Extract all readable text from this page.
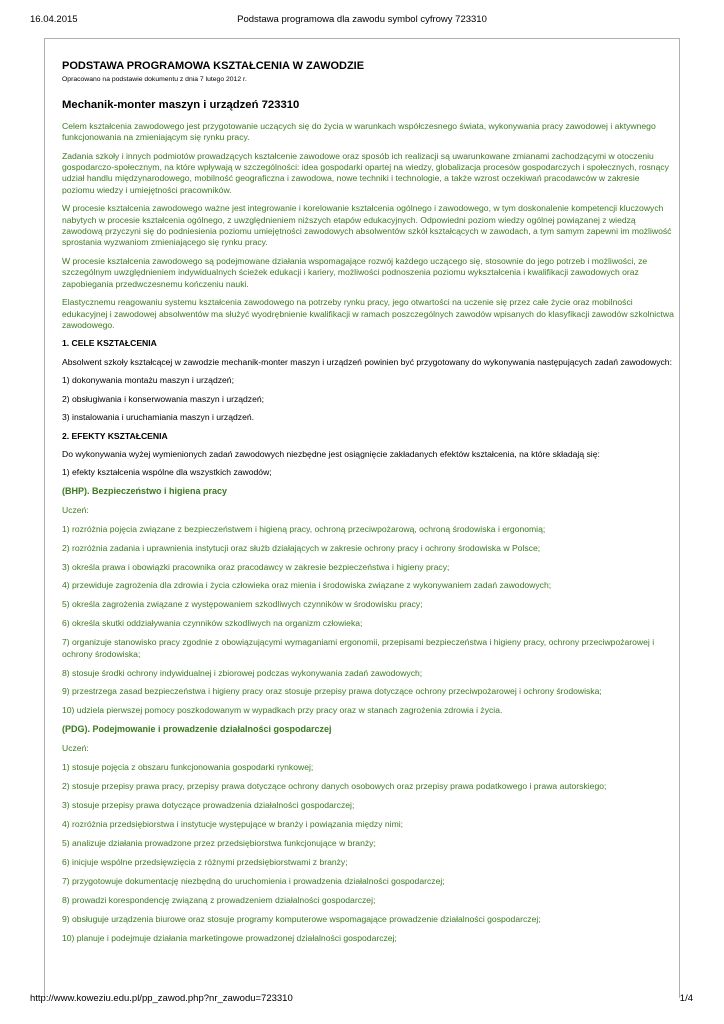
16.04.2015	Podstawa programowa dla zawodu symbol cyfrowy 723310

PODSTAWA PROGRAMOWA KSZTAŁCENIA W ZAWODZIE

Opracowano na podstawie dokumentu z dnia 7 lutego 2012 r.

Mechanik-monter maszyn i urządzeń 723310

Celem kształcenia zawodowego jest przygotowanie uczących się do życia w warunkach współczesnego świata, wykonywania pracy zawodowej i aktywnego funkcjonowania na zmieniającym się rynku pracy.

Zadania szkoły i innych podmiotów prowadzących kształcenie zawodowe oraz sposób ich realizacji są uwarunkowane zmianami zachodzącymi w otoczeniu gospodarczo-społecznym, na które wpływają w szczególności: idea gospodarki opartej na wiedzy, globalizacja procesów gospodarczych i społecznych, rosnący udział handlu międzynarodowego, mobilność geograficzna i zawodowa, nowe techniki i technologie, a także wzrost oczekiwań pracodawców w zakresie poziomu wiedzy i umiejętności pracowników.

W procesie kształcenia zawodowego ważne jest integrowanie i korelowanie kształcenia ogólnego i zawodowego, w tym doskonalenie kompetencji kluczowych nabytych w procesie kształcenia ogólnego, z uwzględnieniem niższych etapów edukacyjnych. Odpowiedni poziom wiedzy ogólnej powiązanej z wiedzą zawodową przyczyni się do podniesienia poziomu umiejętności zawodowych absolwentów szkół kształcących w zawodach, a tym samym zapewni im możliwość sprostania wyzwaniom zmieniającego się rynku pracy.

W procesie kształcenia zawodowego są podejmowane działania wspomagające rozwój każdego uczącego się, stosownie do jego potrzeb i możliwości, ze szczególnym uwzględnieniem indywidualnych ścieżek edukacji i kariery, możliwości podnoszenia poziomu wykształcenia i kwalifikacji zawodowych oraz zapobiegania przedwczesnemu kończeniu nauki.

Elastycznemu reagowaniu systemu kształcenia zawodowego na potrzeby rynku pracy, jego otwartości na uczenie się przez całe życie oraz mobilności edukacyjnej i zawodowej absolwentów ma służyć wyodrębnienie kwalifikacji w ramach poszczególnych zawodów wpisanych do klasyfikacji zawodów szkolnictwa zawodowego.

1. CELE KSZTAŁCENIA

Absolwent szkoły kształcącej w zawodzie mechanik-monter maszyn i urządzeń powinien być przygotowany do wykonywania następujących zadań zawodowych:

1) dokonywania montażu maszyn i urządzeń;

2) obsługiwania i konserwowania maszyn i urządzeń;

3) instalowania i uruchamiania maszyn i urządzeń.

2. EFEKTY KSZTAŁCENIA

Do wykonywania wyżej wymienionych zadań zawodowych niezbędne jest osiągnięcie zakładanych efektów kształcenia, na które składają się:

1) efekty kształcenia wspólne dla wszystkich zawodów;

(BHP). Bezpieczeństwo i higiena pracy

Uczeń:

1) rozróżnia pojęcia związane z bezpieczeństwem i higieną pracy, ochroną przeciwpożarową, ochroną środowiska i ergonomią;

2) rozróżnia zadania i uprawnienia instytucji oraz służb działających w zakresie ochrony pracy i ochrony środowiska w Polsce;

3) określa prawa i obowiązki pracownika oraz pracodawcy w zakresie bezpieczeństwa i higieny pracy;

4) przewiduje zagrożenia dla zdrowia i życia człowieka oraz mienia i środowiska związane z wykonywaniem zadań zawodowych;

5) określa zagrożenia związane z występowaniem szkodliwych czynników w środowisku pracy;

6) określa skutki oddziaływania czynników szkodliwych na organizm człowieka;

7) organizuje stanowisko pracy zgodnie z obowiązującymi wymaganiami ergonomii, przepisami bezpieczeństwa i higieny pracy, ochrony przeciwpożarowej i ochrony środowiska;

8) stosuje środki ochrony indywidualnej i zbiorowej podczas wykonywania zadań zawodowych;

9) przestrzega zasad bezpieczeństwa i higieny pracy oraz stosuje przepisy prawa dotyczące ochrony przeciwpożarowej i ochrony środowiska;

10) udziela pierwszej pomocy poszkodowanym w wypadkach przy pracy oraz w stanach zagrożenia zdrowia i życia.

(PDG). Podejmowanie i prowadzenie działalności gospodarczej

Uczeń:

1) stosuje pojęcia z obszaru funkcjonowania gospodarki rynkowej;

2) stosuje przepisy prawa pracy, przepisy prawa dotyczące ochrony danych osobowych oraz przepisy prawa podatkowego i prawa autorskiego;

3) stosuje przepisy prawa dotyczące prowadzenia działalności gospodarczej;

4) rozróżnia przedsiębiorstwa i instytucje występujące w branży i powiązania między nimi;

5) analizuje działania prowadzone przez przedsiębiorstwa funkcjonujące w branży;

6) inicjuje wspólne przedsięwzięcia z różnymi przedsiębiorstwami z branży;

7) przygotowuje dokumentację niezbędną do uruchomienia i prowadzenia działalności gospodarczej;

8) prowadzi korespondencję związaną z prowadzeniem działalności gospodarczej;

9) obsługuje urządzenia biurowe oraz stosuje programy komputerowe wspomagające prowadzenie działalności gospodarczej;

10) planuje i podejmuje działania marketingowe prowadzonej działalności gospodarczej;

http://www.koweziu.edu.pl/pp_zawod.php?nr_zawodu=723310	1/4
